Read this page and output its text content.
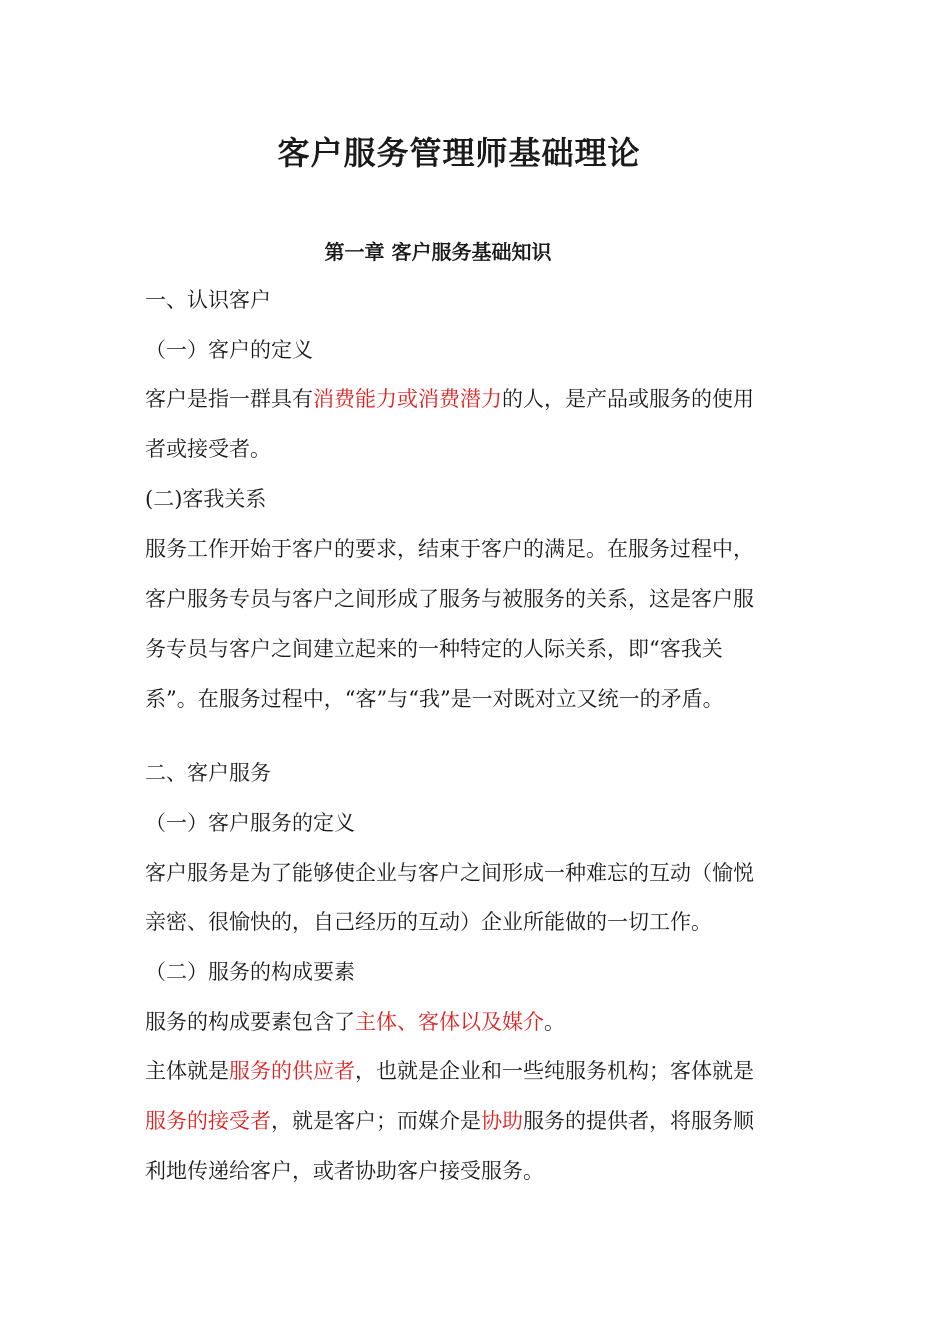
客户服务管理师基础理论
第一章 客户服务基础知识
一、认识客户
（一）客户的定义
客户是指一群具有消费能力或消费潜力的人，是产品或服务的使用
者或接受者。
(二)客我关系
服务工作开始于客户的要求，结束于客户的满足。在服务过程中，
客户服务专员与客户之间形成了服务与被服务的关系，这是客户服
务专员与客户之间建立起来的一种特定的人际关系，即“客我关
系”。在服务过程中，“客”与“我”是一对既对立又统一的矛盾。
二、客户服务
（一）客户服务的定义
客户服务是为了能够使企业与客户之间形成一种难忘的互动（愉悦
亲密、很愉快的，自己经历的互动）企业所能做的一切工作。
（二）服务的构成要素
服务的构成要素包含了主体、客体以及媒介。
主体就是服务的供应者，也就是企业和一些纯服务机构；客体就是
服务的接受者，就是客户；而媒介是协助服务的提供者，将服务顺
利地传递给客户，或者协助客户接受服务。
